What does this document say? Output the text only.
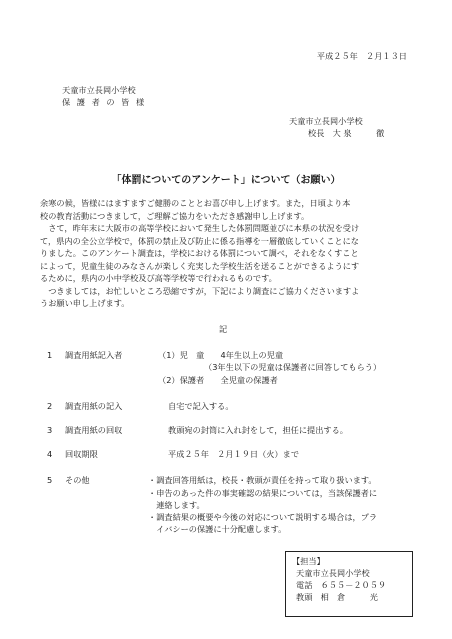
平成２５年　２月１３日
天童市立長岡小学校
保 護 者 の 皆 様
天童市立長岡小学校
校長　大 泉　　　徹
「体罰についてのアンケート」について（お願い）

余寒の候，皆様にはますますご健勝のこととお喜び申し上げます。また，日頃より本

校の教育活動につきまして，ご理解ご協力をいただき感謝申し上げます。

　さて，昨年末に大阪市の高等学校において発生した体罰問題並びに本県の状況を受け

て，県内の全公立学校で，体罰の禁止及び防止に係る指導を一層徹底していくことにな

りました。このアンケート調査は，学校における体罰について調べ，それをなくすこと

によって，児童生徒のみなさんが楽しく充実した学校生活を送ることができるようにす

るために，県内の小中学校及び高等学校等で行われるものです。

　つきましては，お忙しいところ恐縮ですが，下記により調査にご協力くださいますよ

うお願い申し上げます。

記
1 調査用紙記入者	（1）児　童　　4年生以上の児童
（3年生以下の児童は保護者に回答してもらう）
（2）保護者　　全児童の保護者
2 調査用紙の記入	自宅で記入する。
3 調査用紙の回収	教頭宛の封筒に入れ封をして，担任に提出する。
4 回収期限	平成２５年　２月１９日（火）まで
5 その他	・調査回答用紙は，校長・教頭が責任を持って取り扱います。
・申告のあった件の事実確認の結果については，当該保護者に
　連絡します。
・調査結果の概要や今後の対応について説明する場合は，プラ
　イバシーの保護に十分配慮します。
【担当】
天童市立長岡小学校
電話　６５５－２０５９
教頭　相　倉　　　光
